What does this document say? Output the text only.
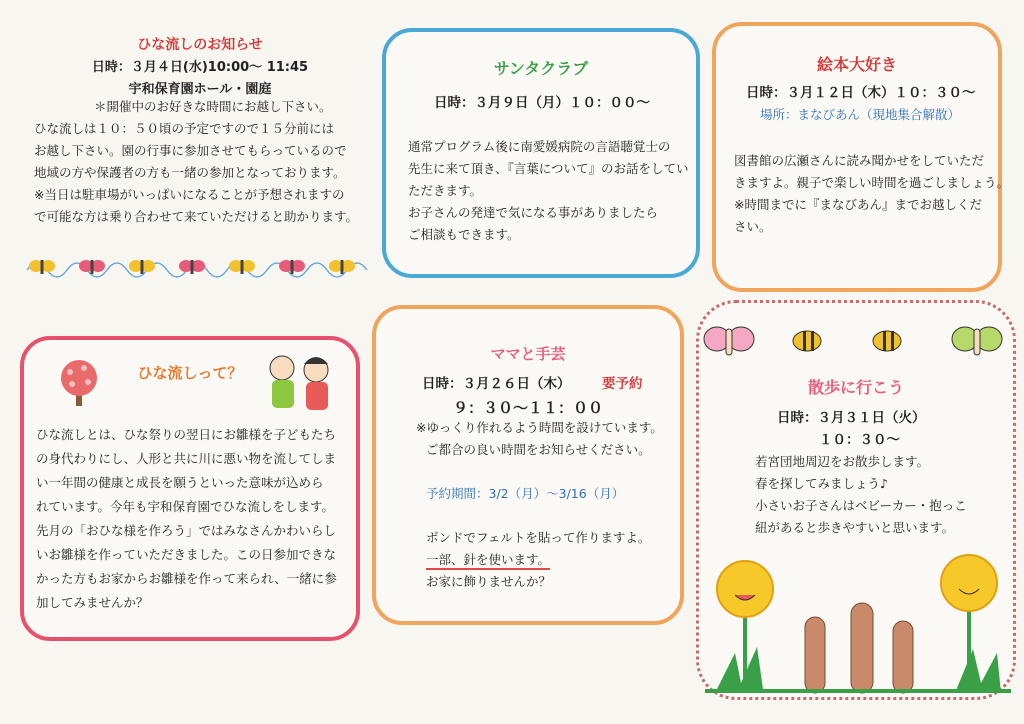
ひな流しのお知らせ
日時：３月４日(水)10:00～ 11:45
宇和保育園ホール・園庭
＊開催中のお好きな時間にお越し下さい。
ひな流しは１０：５０頃の予定ですので１５分前には
お越し下さい。園の行事に参加させてもらっているので
地域の方や保護者の方も一緒の参加となっております。
※当日は駐車場がいっぱいになることが予想されますの
で可能な方は乗り合わせて来ていただけると助かります。
サンタクラブ
日時：３月９日（月）１０：００～
通常プログラム後に南愛媛病院の言語聴覚士の
先生に来て頂き、『言葉について』のお話をしてい
ただきます。
お子さんの発達で気になる事がありましたら
ご相談もできます。
絵本大好き
日時：３月１２日（木）１０：３０～
場所：まなびあん（現地集合解散）
図書館の広瀬さんに読み聞かせをしていただ
きますよ。親子で楽しい時間を過ごしましょう。
※時間までに『まなびあん』までお越しくだ
さい。
ひな流しって？
ひな流しとは、ひな祭りの翌日にお雛様を子どもたち
の身代わりにし、人形と共に川に悪い物を流してしま
い一年間の健康と成長を願うといった意味が込めら
れています。今年も宇和保育園でひな流しをします。
先月の「おひな様を作ろう」ではみなさんかわいらし
いお雛様を作っていただきました。この日参加できな
かった方もお家からお雛様を作って来られ、一緒に参
加してみませんか？
ママと手芸
日時：３月２６日（木） 要予約
９：３０～１１：００
※ゆっくり作れるよう時間を設けています。
ご都合の良い時間をお知らせください。
予約期間：3/2（月）～3/16（月）
ボンドでフェルトを貼って作りますよ。
一部、針を使います。
お家に飾りませんか？
散歩に行こう
日時：３月３１日（火）
１０：３０～
若宮団地周辺をお散歩します。
春を探してみましょう♪
小さいお子さんはベビーカー・抱っこ
紐があると歩きやすいと思います。
